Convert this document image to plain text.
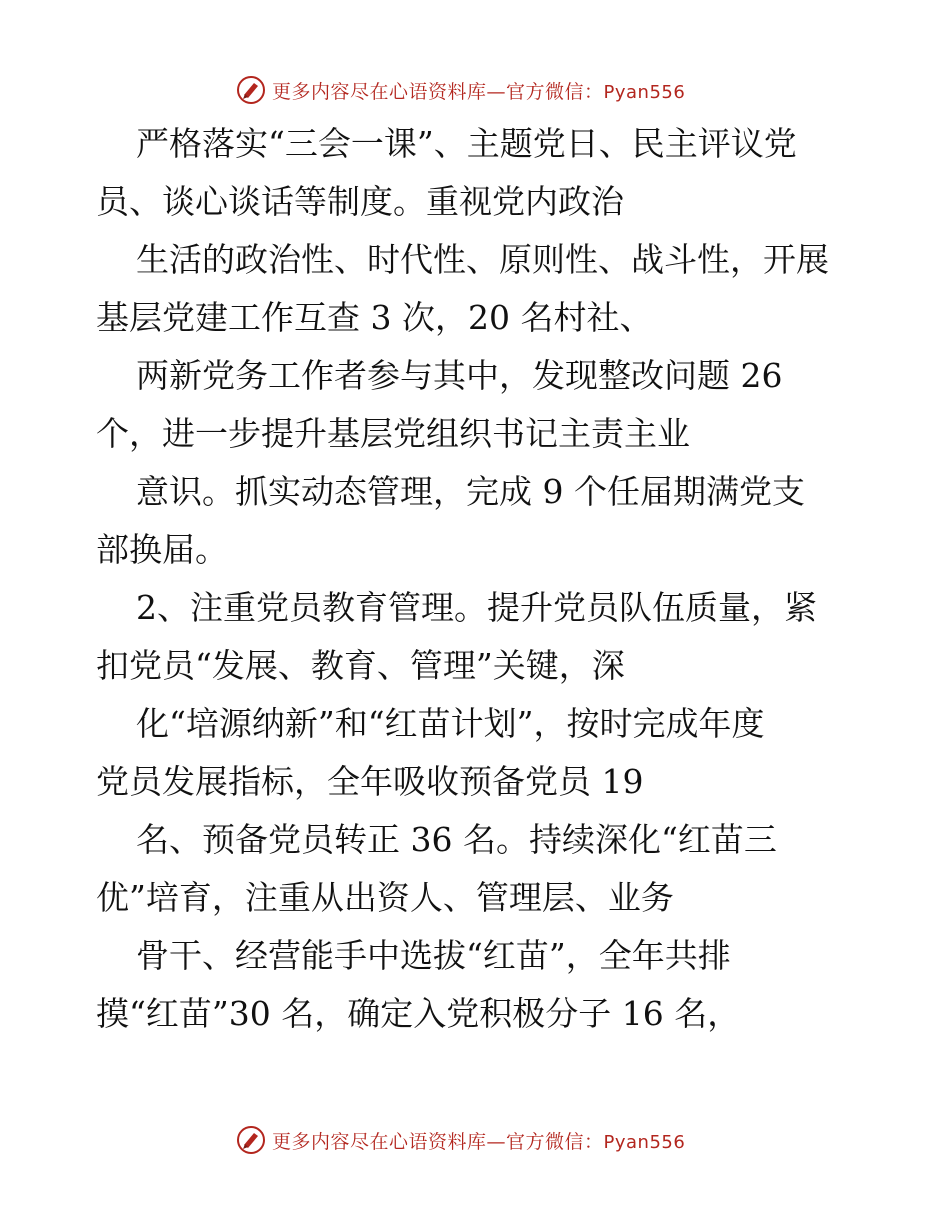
更多内容尽在心语资料库—官方微信：Pyan556
严格落实“三会一课”、主题党日、民主评议党
员、谈心谈话等制度。重视党内政治
生活的政治性、时代性、原则性、战斗性，开展
基层党建工作互查 3 次，20 名村社、
两新党务工作者参与其中，发现整改问题 26
个，进一步提升基层党组织书记主责主业
意识。抓实动态管理，完成 9 个任届期满党支
部换届。
2、注重党员教育管理。提升党员队伍质量，紧
扣党员“发展、教育、管理”关键，深
化“培源纳新”和“红苗计划”，按时完成年度
党员发展指标，全年吸收预备党员 19
名、预备党员转正 36 名。持续深化“红苗三
优”培育，注重从出资人、管理层、业务
骨干、经营能手中选拔“红苗”，全年共排
摸“红苗”30 名，确定入党积极分子 16 名，
更多内容尽在心语资料库—官方微信：Pyan556
